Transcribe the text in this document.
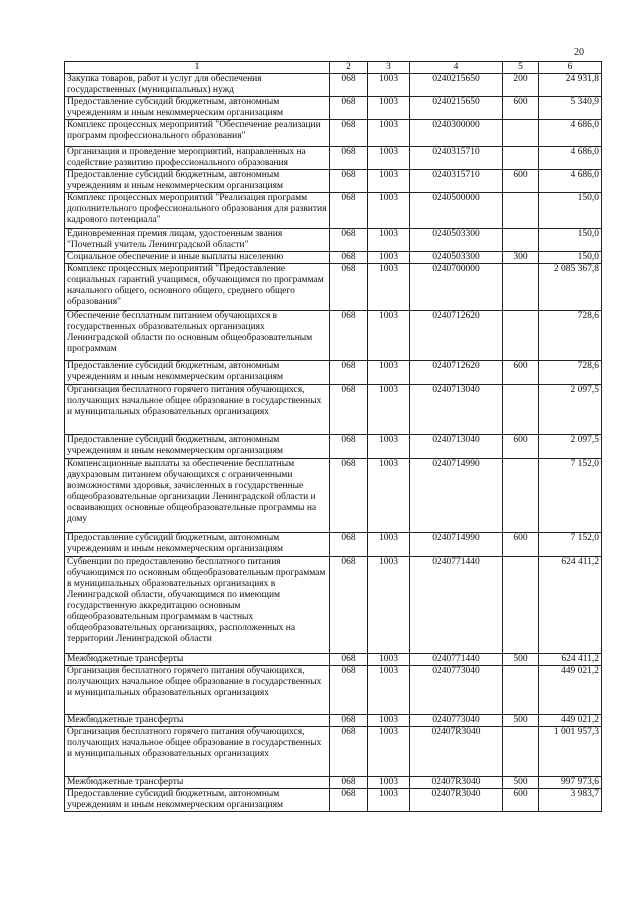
20
1	2	3	4	5	6
Закупка товаров, работ и услуг для обеспечения государственных (муниципальных) нужд	068	1003	0240215650	200	24 931,8
Предоставление субсидий бюджетным, автономным учреждениям и иным некоммерческим организациям	068	1003	0240215650	600	5 340,9
Комплекс процессных мероприятий "Обеспечение реализации программ профессионального образования"	068	1003	0240300000		4 686,0
Организация и проведение мероприятий, направленных на содействие развитию профессионального образования	068	1003	0240315710		4 686,0
Предоставление субсидий бюджетным, автономным учреждениям и иным некоммерческим организациям	068	1003	0240315710	600	4 686,0
Комплекс процессных мероприятий "Реализация программ дополнительного профессионального образования для развития кадрового потенциала"	068	1003	0240500000		150,0
Единовременная премия лицам, удостоенным звания "Почетный учитель Ленинградской области"	068	1003	0240503300		150,0
Социальное обеспечение и иные выплаты населению	068	1003	0240503300	300	150,0
Комплекс процессных мероприятий "Предоставление социальных гарантий учащимся, обучающимся по программам начального общего, основного общего, среднего общего образования"	068	1003	0240700000		2 085 367,8
Обеспечение бесплатным питанием обучающихся в государственных образовательных организациях Ленинградской области по основным общеобразовательным программам	068	1003	0240712620		728,6
Предоставление субсидий бюджетным, автономным учреждениям и иным некоммерческим организациям	068	1003	0240712620	600	728,6
Организация бесплатного горячего питания обучающихся, получающих начальное общее образование в государственных и муниципальных образовательных организациях	068	1003	0240713040		2 097,5
Предоставление субсидий бюджетным, автономным учреждениям и иным некоммерческим организациям	068	1003	0240713040	600	2 097,5
Компенсационные выплаты за обеспечение бесплатным двухразовым питанием обучающихся с ограниченными возможностями здоровья, зачисленных в государственные общеобразовательные организации Ленинградской области и осваивающих основные общеобразовательные программы на дому	068	1003	0240714990		7 152,0
Предоставление субсидий бюджетным, автономным учреждениям и иным некоммерческим организациям	068	1003	0240714990	600	7 152,0
Субвенции по предоставлению бесплатного питания обучающимся по основным общеобразовательным программам в муниципальных образовательных организациях в Ленинградской области, обучающимся по имеющим государственную аккредитацию основным общеобразовательным программам в частных общеобразовательных организациях, расположенных на территории Ленинградской области	068	1003	0240771440		624 411,2
Межбюджетные трансферты	068	1003	0240771440	500	624 411,2
Организация бесплатного горячего питания обучающихся, получающих начальное общее образование в государственных и муниципальных образовательных организациях	068	1003	0240773040		449 021,2
Межбюджетные трансферты	068	1003	0240773040	500	449 021,2
Организация бесплатного горячего питания обучающихся, получающих начальное общее образование в государственных и муниципальных образовательных организациях	068	1003	02407R3040		1 001 957,3
Межбюджетные трансферты	068	1003	02407R3040	500	997 973,6
Предоставление субсидий бюджетным, автономным учреждениям и иным некоммерческим организациям	068	1003	02407R3040	600	3 983,7
